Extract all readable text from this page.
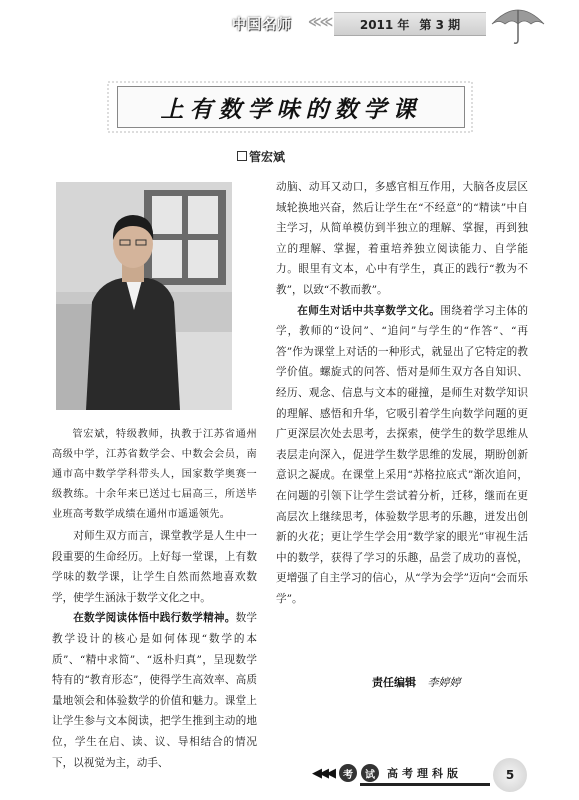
中国名师	≪≪ 2011 年 第 3 期
上有数学味的数学课
管宏斌

动脑、动耳又动口，多感官相互作用，大脑各皮层区域轮换地兴奋，然后让学生在“不经意”的“精读”中自主学习，从简单模仿到半独立的理解、掌握，再到独立的理解、掌握，着重培养独立阅读能力、自学能力。眼里有文本，心中有学生，真正的践行“教为不教”，以致“不教而教”。

在师生对话中共享数学文化。围绕着学习主体的学，教师的“设问”、“追问”与学生的“作答”、“再答”作为课堂上对话的一种形式，就显出了它特定的教学价值。螺旋式的问答、悟对是师生双方各自知识、经历、观念、信息与文本的碰撞，是师生对数学知识的理解、感悟和升华，它吸引着学生向数学问题的更广更深层次处去思考，去探索，使学生的数学思维从表层走向深入，促进学生数学思维的发展，期盼创新意识之凝成。在课堂上采用“苏格拉底式”渐次追问，在问题的引领下让学生尝试着分析，迁移，继而在更高层次上继续思考，体验数学思考的乐趣，迸发出创新的火花；更让学生学会用“数学家的眼光”审视生活中的数学，获得了学习的乐趣，品尝了成功的喜悦，更增强了自主学习的信心，从“学为会学”迈向“会而乐学”。

管宏斌，特级教师，执教于江苏省通州高级中学，江苏省数学会、中数会会员，南通市高中数学学科带头人，国家数学奥赛一级教练。十余年来已送过七届高三，所送毕业班高考数学成绩在通州市遥遥领先。

对师生双方而言，课堂教学是人生中一段重要的生命经历。上好每一堂课，上有数学味的数学课，让学生自然而然地喜欢数学，使学生涵泳于数学文化之中。

在数学阅读体悟中践行数学精神。数学教学设计的核心是如何体现“数学的本质”、“精中求简”、“返朴归真”，呈现数学特有的“教育形态”，使得学生高效率、高质量地领会和体验数学的价值和魅力。课堂上让学生参与文本阅读，把学生推到主动的地位，学生在启、读、议、导相结合的情况下，以视觉为主，动手、

责任编辑 李婷婷
◀◀◀	考	试	高考理科版	5
